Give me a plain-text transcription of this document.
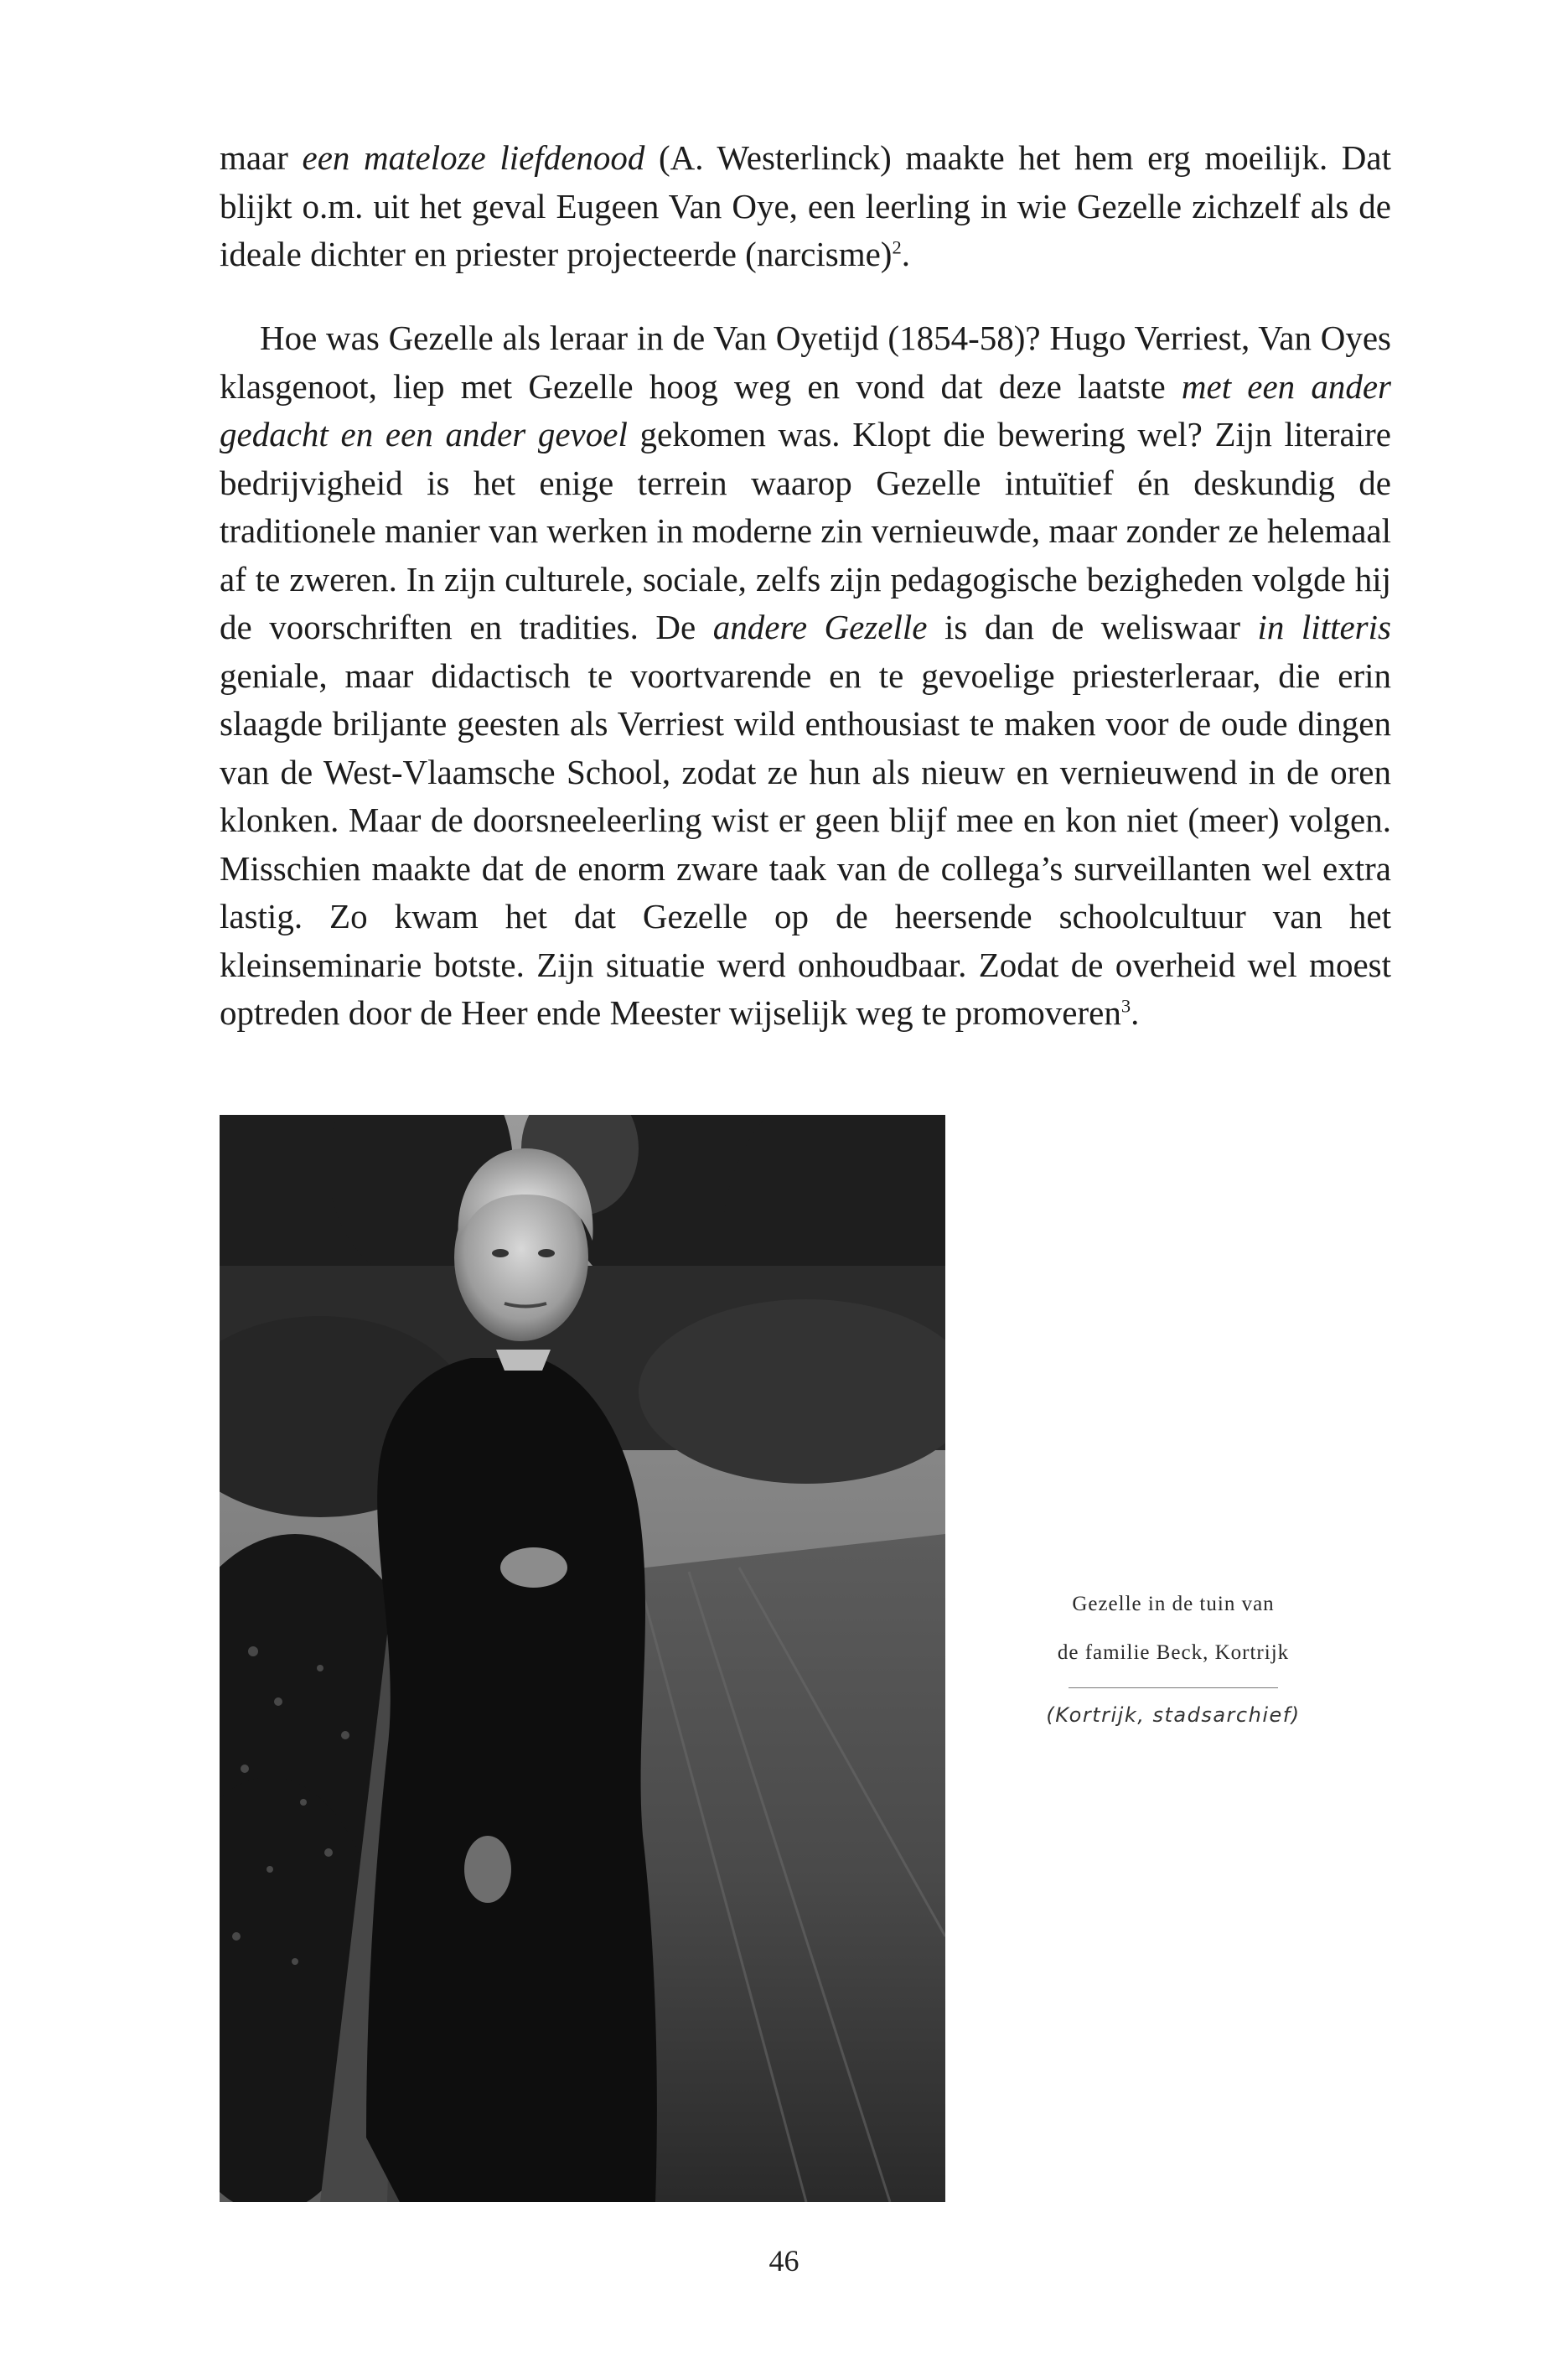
maar een mateloze liefdenood (A. Westerlinck) maakte het hem erg moeilijk. Dat blijkt o.m. uit het geval Eugeen Van Oye, een leerling in wie Gezelle zichzelf als de ideale dichter en priester projecteerde (narcisme)$^2$.

Hoe was Gezelle als leraar in de Van Oyetijd (1854-58)? Hugo Verriest, Van Oyes klasgenoot, liep met Gezelle hoog weg en vond dat deze laatste met een ander gedacht en een ander gevoel gekomen was. Klopt die bewering wel? Zijn literaire bedrijvigheid is het enige terrein waarop Gezelle intuïtief én deskundig de traditionele manier van werken in moderne zin vernieuwde, maar zonder ze helemaal af te zweren. In zijn culturele, sociale, zelfs zijn pedagogische bezigheden volgde hij de voorschriften en tradities. De andere Gezelle is dan de weliswaar in litteris geniale, maar didactisch te voortvarende en te gevoelige priesterleraar, die erin slaagde briljante geesten als Verriest wild enthousiast te maken voor de oude dingen van de West-Vlaamsche School, zodat ze hun als nieuw en vernieuwend in de oren klonken. Maar de doorsneeleerling wist er geen blijf mee en kon niet (meer) volgen. Misschien maakte dat de enorm zware taak van de collega’s surveillanten wel extra lastig. Zo kwam het dat Gezelle op de heersende schoolcultuur van het kleinseminarie botste. Zijn situatie werd onhoudbaar. Zodat de overheid wel moest optreden door de Heer ende Meester wijselijk weg te promoveren$^3$.

Gezelle in de tuin van
de familie Beck, Kortrijk
(Kortrijk, stadsarchief)
46
